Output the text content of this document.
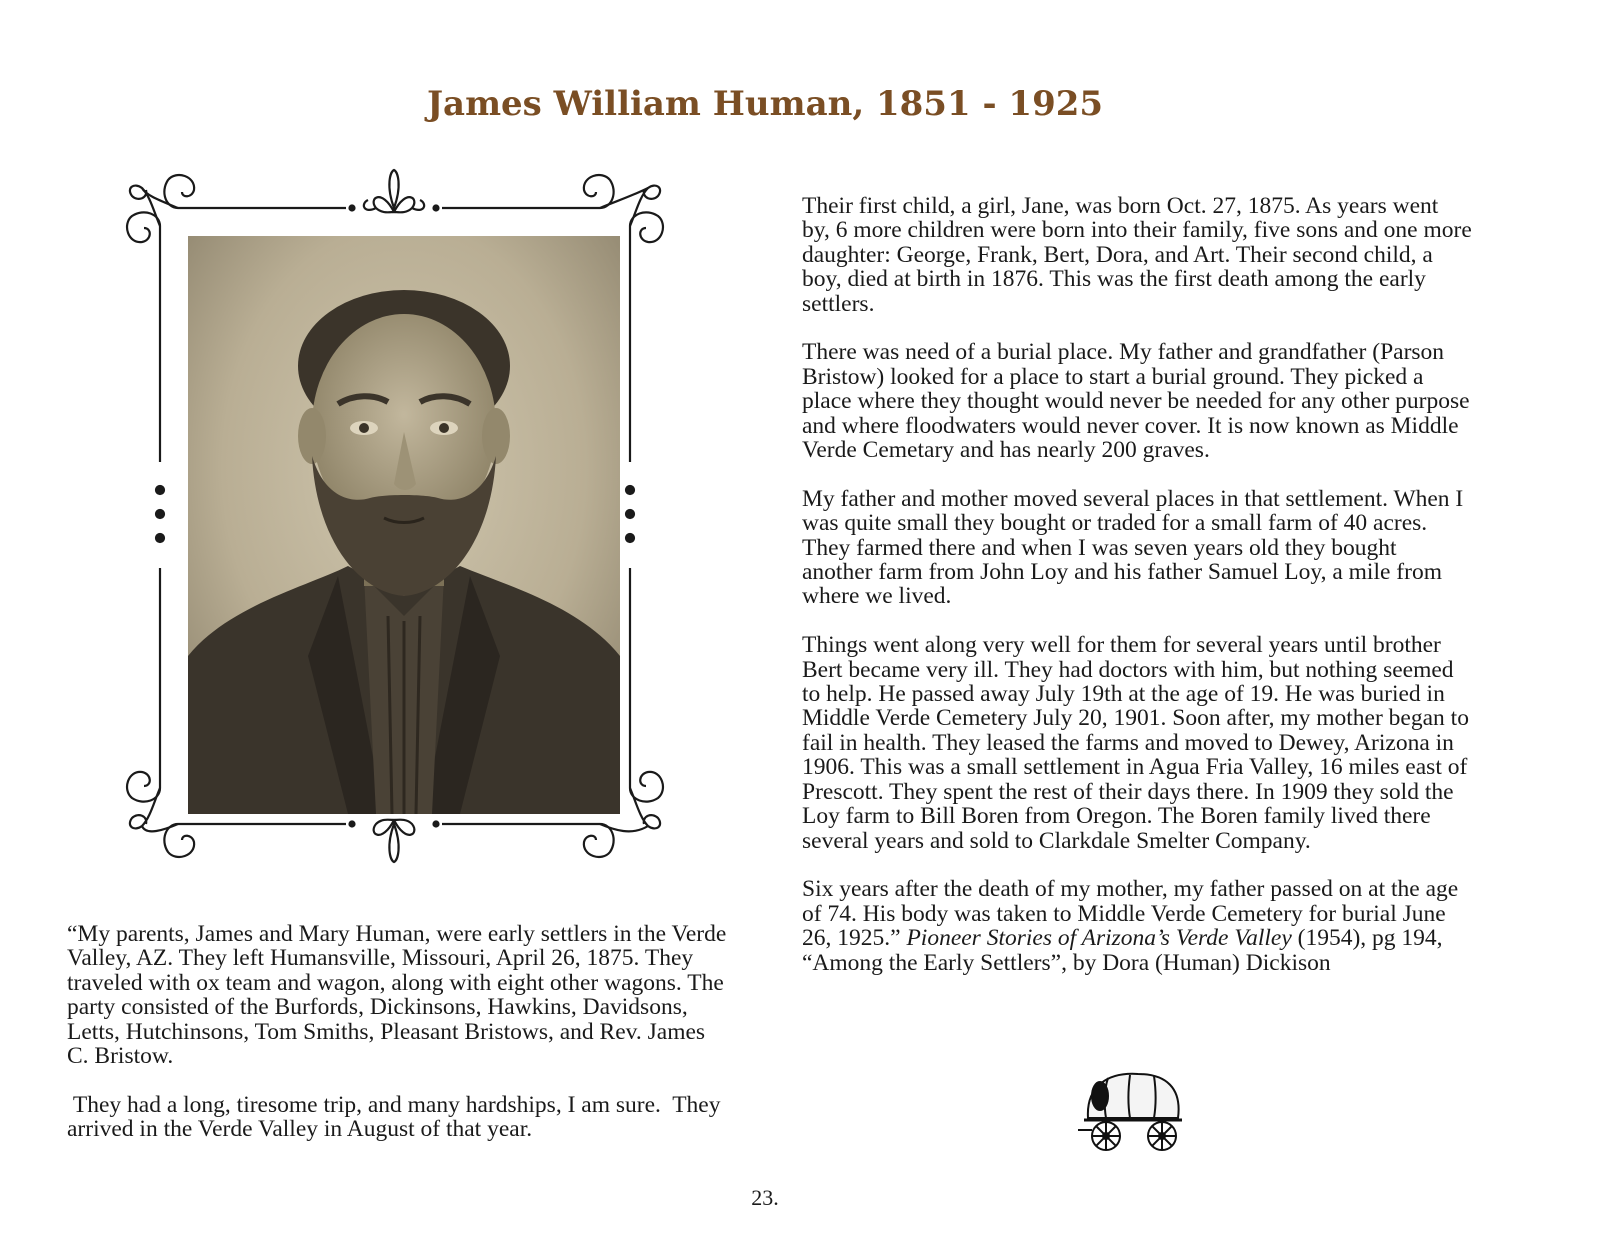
James William Human, 1851 - 1925

“My parents, James and Mary Human, were early settlers in the Verde Valley, AZ. They left Humansville, Missouri, April 26, 1875. They traveled with ox team and wagon, along with eight other wagons. The party consisted of the Burfords, Dickinsons, Hawkins, Davidsons, Letts, Hutchinsons, Tom Smiths, Pleasant Bristows, and Rev. James C. Bristow.

They had a long, tiresome trip, and many hardships, I am sure.  They arrived in the Verde Valley in August of that year.

Their first child, a girl, Jane, was born Oct. 27, 1875. As years went by, 6 more children were born into their family, five sons and one more daughter: George, Frank, Bert, Dora, and Art. Their second child, a boy, died at birth in 1876. This was the first death among the early settlers.

There was need of a burial place. My father and grandfather (Parson Bristow) looked for a place to start a burial ground. They picked a place where they thought would never be needed for any other purpose and where floodwaters would never cover. It is now known as Middle Verde Cemetary and has nearly 200 graves.

My father and mother moved several places in that settlement. When I was quite small they bought or traded for a small farm of 40 acres. They farmed there and when I was seven years old they bought another farm from John Loy and his father Samuel Loy, a mile from where we lived.

Things went along very well for them for several years until brother Bert became very ill. They had doctors with him, but nothing seemed to help. He passed away July 19th at the age of 19. He was buried in Middle Verde Cemetery July 20, 1901. Soon after, my mother began to fail in health. They leased the farms and moved to Dewey, Arizona in 1906. This was a small settlement in Agua Fria Valley, 16 miles east of Prescott. They spent the rest of their days there. In 1909 they sold the Loy farm to Bill Boren from Oregon. The Boren family lived there several years and sold to Clarkdale Smelter Company.

Six years after the death of my mother, my father passed on at the age of 74. His body was taken to Middle Verde Cemetery for burial June 26, 1925.” Pioneer Stories of Arizona’s Verde Valley (1954), pg 194, “Among the Early Settlers”, by Dora (Human) Dickison

23.
